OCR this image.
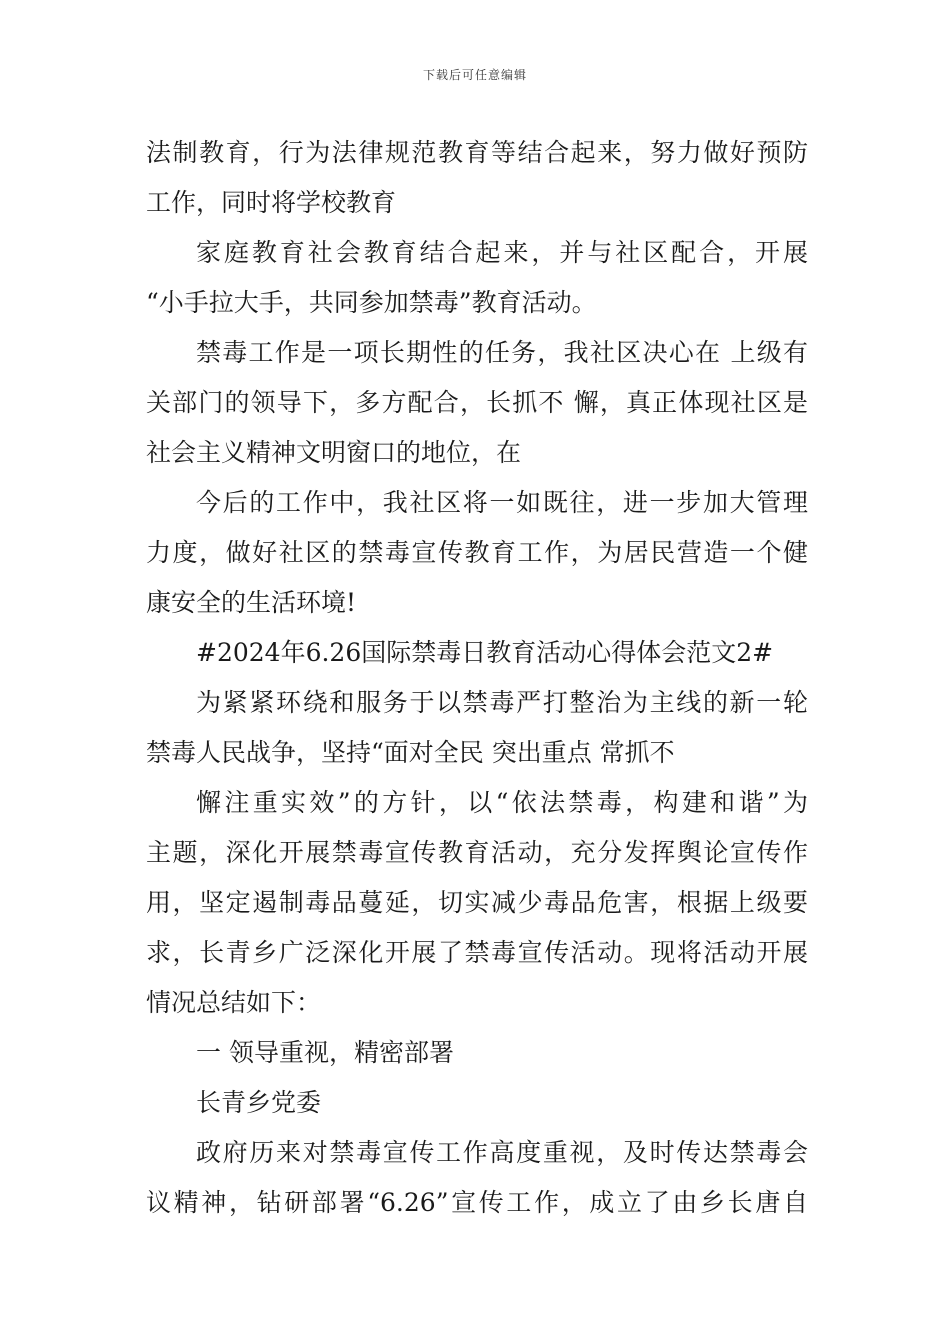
下载后可任意编辑
法制教育，行为法律规范教育等结合起来，努力做好预防
工作，同时将学校教育
家庭教育社会教育结合起来，并与社区配合，开展
“小手拉大手，共同参加禁毒”教育活动。
禁毒工作是一项长期性的任务，我社区决心在 上级有
关部门的领导下，多方配合，长抓不 懈，真正体现社区是
社会主义精神文明窗口的地位，在
今后的工作中，我社区将一如既往，进一步加大管理
力度，做好社区的禁毒宣传教育工作，为居民营造一个健
康安全的生活环境!
#2024年6.26国际禁毒日教育活动心得体会范文2#
为紧紧环绕和服务于以禁毒严打整治为主线的新一轮
禁毒人民战争，坚持“面对全民 突出重点 常抓不
懈注重实效”的方针，以“依法禁毒，构建和谐”为
主题，深化开展禁毒宣传教育活动，充分发挥舆论宣传作
用，坚定遏制毒品蔓延，切实减少毒品危害，根据上级要
求，长青乡广泛深化开展了禁毒宣传活动。现将活动开展
情况总结如下：
一 领导重视，精密部署
长青乡党委
政府历来对禁毒宣传工作高度重视，及时传达禁毒会
议精神，钻研部署“6.26”宣传工作，成立了由乡长唐自
